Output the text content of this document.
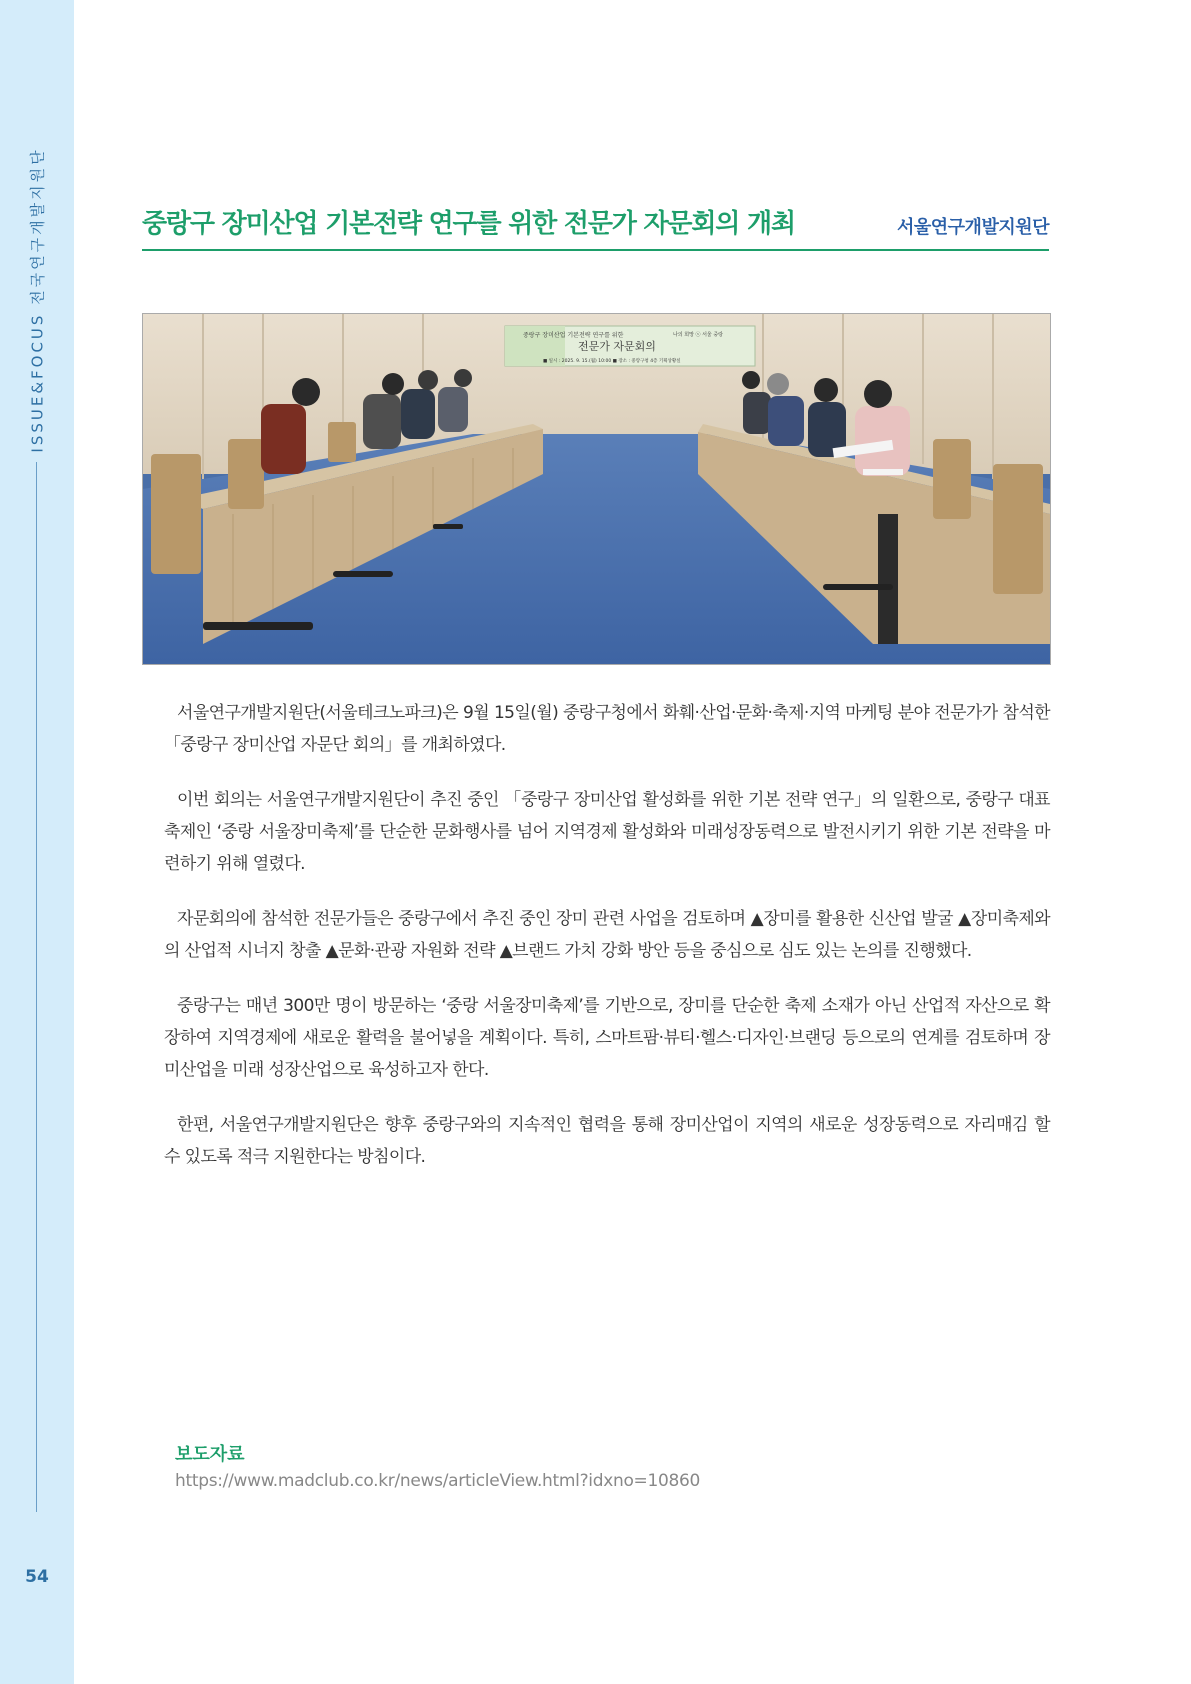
ISSUE&FOCUS 전국연구개발지원단
54
중랑구 장미산업 기본전략 연구를 위한 전문가 자문회의 개최	서울연구개발지원단
중랑구 장미산업 기본전략 연구를 위한
전문가 자문회의
■ 일시 : 2025. 9. 15.(월) 10:00 ■ 장소 : 중랑구청 4층 기획상황실
나의 희망 ⓢ 서울 중랑

서울연구개발지원단(서울테크노파크)은 9월 15일(월) 중랑구청에서 화훼·산업·문화·축제·지역 마케팅 분야 전문가가 참석한 「중랑구 장미산업 자문단 회의」를 개최하였다.

이번 회의는 서울연구개발지원단이 추진 중인 「중랑구 장미산업 활성화를 위한 기본 전략 연구」의 일환으로, 중랑구 대표 축제인 ‘중랑 서울장미축제’를 단순한 문화행사를 넘어 지역경제 활성화와 미래성장동력으로 발전시키기 위한 기본 전략을 마련하기 위해 열렸다.

자문회의에 참석한 전문가들은 중랑구에서 추진 중인 장미 관련 사업을 검토하며 ▲장미를 활용한 신산업 발굴 ▲장미축제와의 산업적 시너지 창출 ▲문화·관광 자원화 전략 ▲브랜드 가치 강화 방안 등을 중심으로 심도 있는 논의를 진행했다.

중랑구는 매년 300만 명이 방문하는 ‘중랑 서울장미축제’를 기반으로, 장미를 단순한 축제 소재가 아닌 산업적 자산으로 확장하여 지역경제에 새로운 활력을 불어넣을 계획이다. 특히, 스마트팜·뷰티·헬스·디자인·브랜딩 등으로의 연계를 검토하며 장미산업을 미래 성장산업으로 육성하고자 한다.

한편, 서울연구개발지원단은 향후 중랑구와의 지속적인 협력을 통해 장미산업이 지역의 새로운 성장동력으로 자리매김 할 수 있도록 적극 지원한다는 방침이다.

보도자료
https://www.madclub.co.kr/news/articleView.html?idxno=10860
